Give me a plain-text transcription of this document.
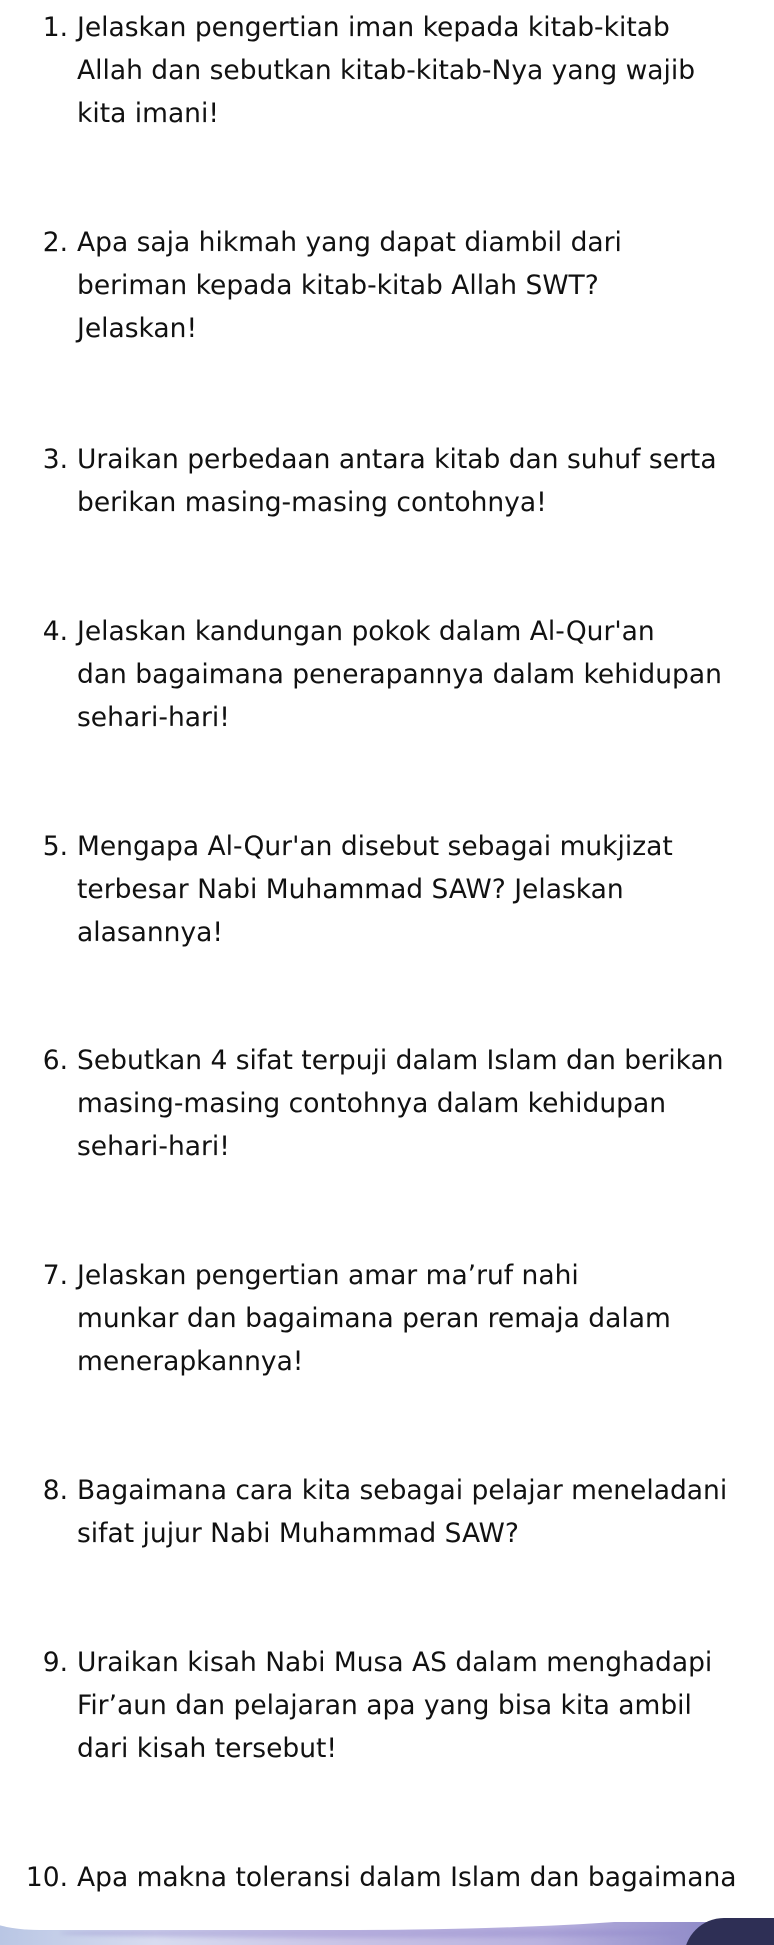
1. Jelaskan pengertian iman kepada kitab-kitab
Allah dan sebutkan kitab-kitab-Nya yang wajib
kita imani!
2. Apa saja hikmah yang dapat diambil dari
beriman kepada kitab-kitab Allah SWT?
Jelaskan!
3. Uraikan perbedaan antara kitab dan suhuf serta
berikan masing-masing contohnya!
4. Jelaskan kandungan pokok dalam Al-Qur'an
dan bagaimana penerapannya dalam kehidupan
sehari-hari!
5. Mengapa Al-Qur'an disebut sebagai mukjizat
terbesar Nabi Muhammad SAW? Jelaskan
alasannya!
6. Sebutkan 4 sifat terpuji dalam Islam dan berikan
masing-masing contohnya dalam kehidupan
sehari-hari!
7. Jelaskan pengertian amar ma’ruf nahi
munkar dan bagaimana peran remaja dalam
menerapkannya!
8. Bagaimana cara kita sebagai pelajar meneladani
sifat jujur Nabi Muhammad SAW?
9. Uraikan kisah Nabi Musa AS dalam menghadapi
Fir’aun dan pelajaran apa yang bisa kita ambil
dari kisah tersebut!
10. Apa makna toleransi dalam Islam dan bagaimana
